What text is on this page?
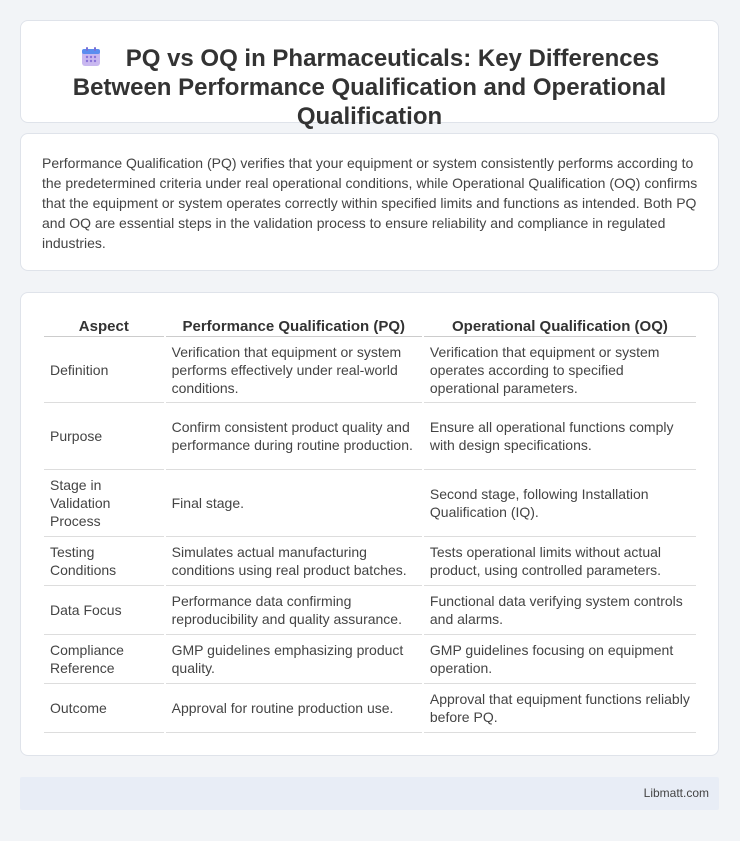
PQ vs OQ in Pharmaceuticals: Key Differences Between Performance Qualification and Operational Qualification

Performance Qualification (PQ) verifies that your equipment or system consistently performs according to the predetermined criteria under real operational conditions, while Operational Qualification (OQ) confirms that the equipment or system operates correctly within specified limits and functions as intended. Both PQ and OQ are essential steps in the validation process to ensure reliability and compliance in regulated industries.

Aspect	Performance Qualification (PQ)	Operational Qualification (OQ)
Definition	Verification that equipment or system performs effectively under real-world conditions.	Verification that equipment or system operates according to specified operational parameters.
Purpose	Confirm consistent product quality and performance during routine production.	Ensure all operational functions comply with design specifications.
Stage in Validation Process	Final stage.	Second stage, following Installation Qualification (IQ).
Testing Conditions	Simulates actual manufacturing conditions using real product batches.	Tests operational limits without actual product, using controlled parameters.
Data Focus	Performance data confirming reproducibility and quality assurance.	Functional data verifying system controls and alarms.
Compliance Reference	GMP guidelines emphasizing product quality.	GMP guidelines focusing on equipment operation.
Outcome	Approval for routine production use.	Approval that equipment functions reliably before PQ.
Libmatt.com
